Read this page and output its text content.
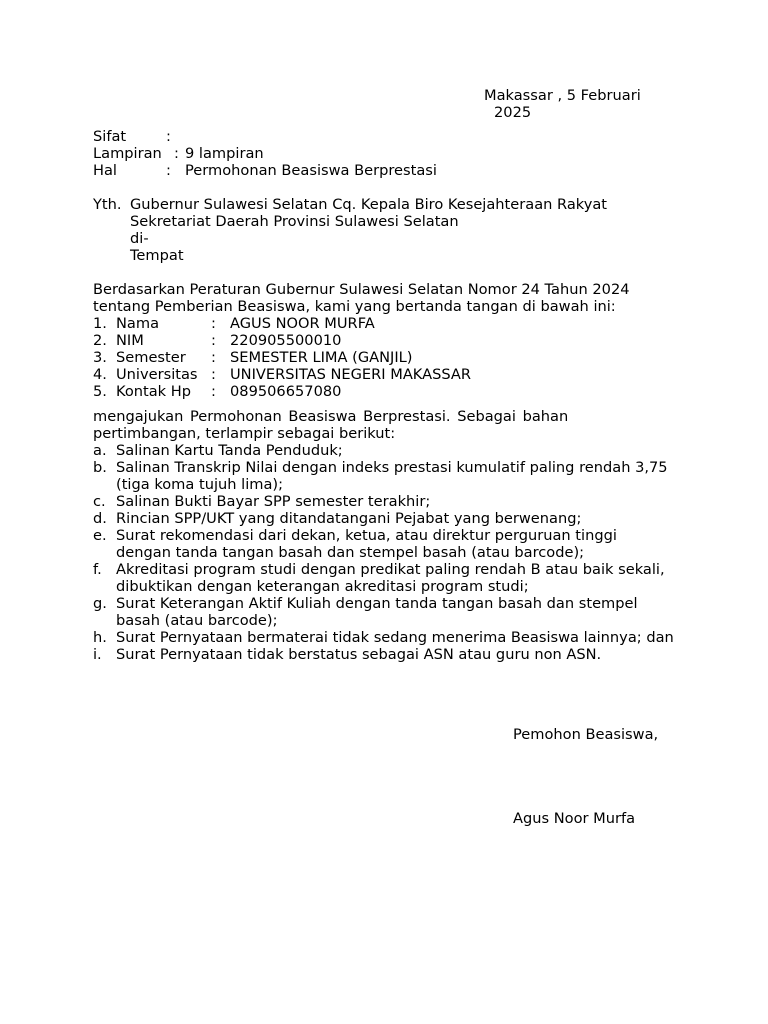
Makassar , 5 Februari
2025
Sifat	:
Lampiran : 9 lampiran
Hal	: Permohonan Beasiswa Berprestasi
Yth. Gubernur Sulawesi Selatan Cq. Kepala Biro Kesejahteraan Rakyat
Sekretariat Daerah Provinsi Sulawesi Selatan
di-
Tempat
Berdasarkan Peraturan Gubernur Sulawesi Selatan Nomor 24 Tahun 2024
tentang Pemberian Beasiswa, kami yang bertanda tangan di bawah ini:
1. Nama	: AGUS NOOR MURFA
2. NIM	: 220905500010
3. Semester : SEMESTER LIMA (GANJIL)
4. Universitas : UNIVERSITAS NEGERI MAKASSAR
5. Kontak Hp : 089506657080
mengajukan Permohonan Beasiswa Berprestasi. Sebagai bahan
pertimbangan, terlampir sebagai berikut:
a. Salinan Kartu Tanda Penduduk;
b. Salinan Transkrip Nilai dengan indeks prestasi kumulatif paling rendah 3,75 (tiga koma tujuh lima);
c. Salinan Bukti Bayar SPP semester terakhir;
d. Rincian SPP/UKT yang ditandatangani Pejabat yang berwenang;
e. Surat rekomendasi dari dekan, ketua, atau direktur perguruan tinggi dengan tanda tangan basah dan stempel basah (atau barcode);
f. Akreditasi program studi dengan predikat paling rendah B atau baik sekali, dibuktikan dengan keterangan akreditasi program studi;
g. Surat Keterangan Aktif Kuliah dengan tanda tangan basah dan stempel basah (atau barcode);
h. Surat Pernyataan bermaterai tidak sedang menerima Beasiswa lainnya; dan
i. Surat Pernyataan tidak berstatus sebagai ASN atau guru non ASN.
Pemohon Beasiswa,
Agus Noor Murfa
